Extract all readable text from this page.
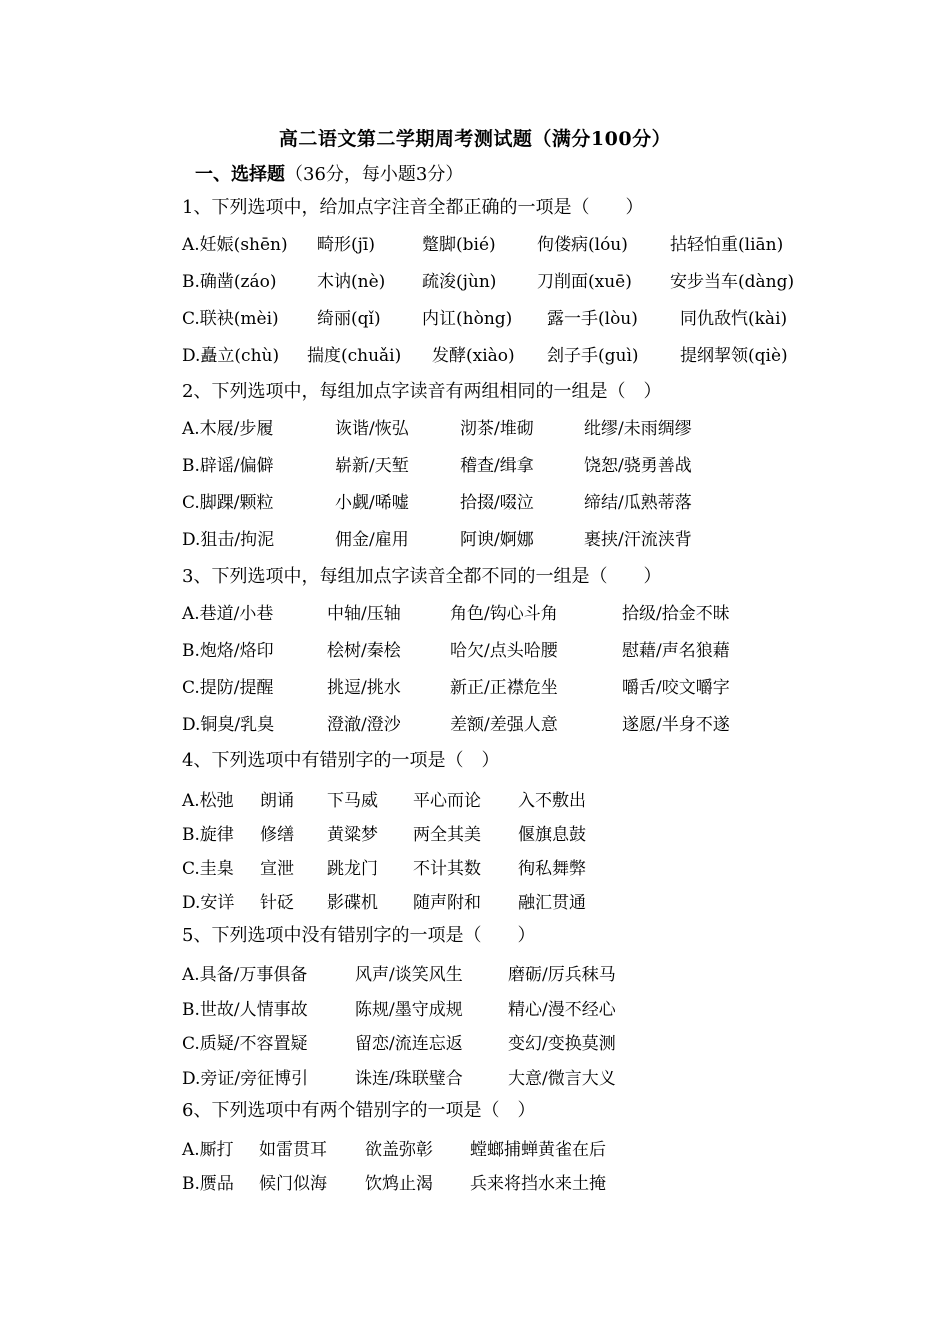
高二语文第二学期周考测试题（满分100分）
一、选择题（36分，每小题3分）
1、下列选项中，给加点字注音全都正确的一项是（　　）
A.妊娠(shēn) 畸形(jī)	蹩脚(bié) 佝偻病(lóu) 拈轻怕重(liān)
B.确凿(záo) 木讷(nè) 疏浚(jùn) 刀削面(xuē) 安步当车(dàng)
C.联袂(mèi) 绮丽(qǐ) 内讧(hòng) 露一手(lòu) 同仇敌忾(kài)
D.矗立(chù) 揣度(chuǎi) 发酵(xiào) 刽子手(guì) 提纲挈领(qiè)
2、下列选项中，每组加点字读音有两组相同的一组是（　）
A.木屐/步履	诙谐/恢弘	沏茶/堆砌	纰缪/未雨绸缪
B.辟谣/偏僻	崭新/天堑	稽查/缉拿	饶恕/骁勇善战
C.脚踝/颗粒	小觑/唏嘘	拾掇/啜泣	缔结/瓜熟蒂落
D.狙击/拘泥	佣金/雇用	阿谀/婀娜	裹挟/汗流浃背
3、下列选项中，每组加点字读音全都不同的一组是（　　）
A.巷道/小巷	中轴/压轴	角色/钩心斗角	拾级/拾金不昧
B.炮烙/烙印	桧树/秦桧	哈欠/点头哈腰	慰藉/声名狼藉
C.提防/提醒	挑逗/挑水	新正/正襟危坐	嚼舌/咬文嚼字
D.铜臭/乳臭	澄澈/澄沙	差额/差强人意	遂愿/半身不遂
4、下列选项中有错别字的一项是（　）
A.松弛 朗诵 下马威 平心而论 入不敷出
B.旋律 修缮 黄粱梦 两全其美 偃旗息鼓
C.圭臬 宣泄 跳龙门 不计其数 徇私舞弊
D.安详 针砭 影碟机 随声附和 融汇贯通
5、下列选项中没有错别字的一项是（　　）
A.具备/万事俱备	风声/谈笑风生	磨砺/厉兵秣马
B.世故/人情事故	陈规/墨守成规	精心/漫不经心
C.质疑/不容置疑	留恋/流连忘返	变幻/变换莫测
D.旁证/旁征博引	诛连/珠联璧合	大意/微言大义
6、下列选项中有两个错别字的一项是（　）
A.厮打 如雷贯耳 欲盖弥彰 螳螂捕蝉黄雀在后
B.赝品 候门似海 饮鸩止渴 兵来将挡水来土掩
